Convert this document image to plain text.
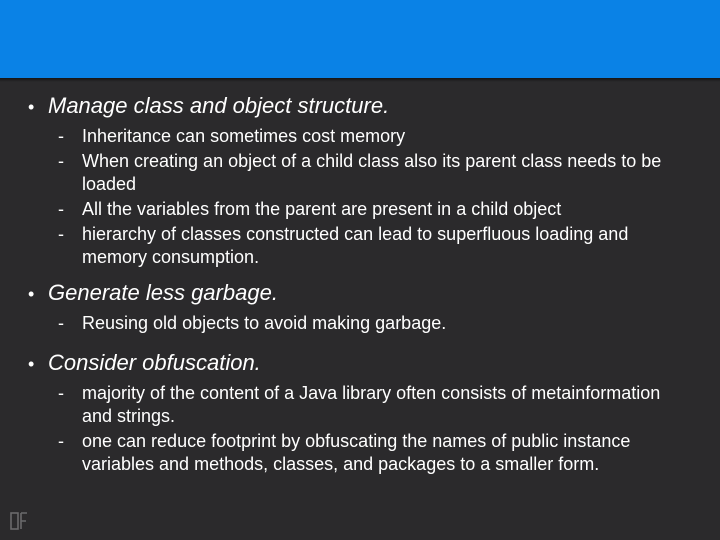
• Manage class and object structure.
-	Inheritance can sometimes cost memory
-	When creating an object of a child class also its parent class needs to be loaded
-	All the variables from the parent are present in a child object
-	hierarchy of classes constructed can lead to superfluous loading and memory consumption.
• Generate less garbage.
-	Reusing old objects to avoid making garbage.
• Consider obfuscation.
-	majority of the content of a Java library often consists of metainformation and strings.
-	one can reduce footprint by obfuscating the names of public instance variables and methods, classes, and packages to a smaller form.
